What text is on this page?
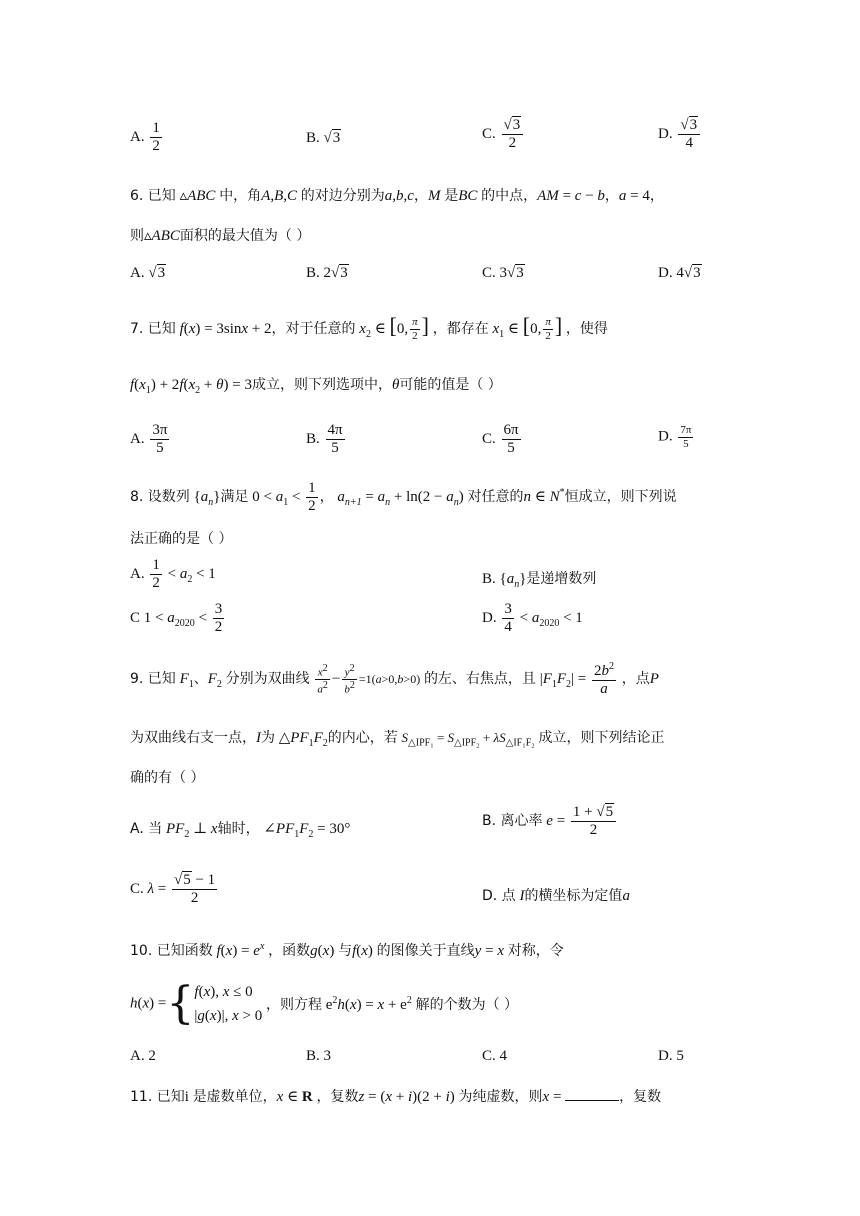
A. $\frac{1}{2}$	B. √3	C. $\frac{√3}{2}$	D. $\frac{√3}{4}$
6. 已知 ▵ABC 中，角A,B,C 的对边分别为a,b,c，M 是BC 的中点，AM = c − b，a = 4，
则▵ABC面积的最大值为（ ）
A. √3	B. 2√3	C. 3√3	D. 4√3
7. 已知 f(x) = 3sinx + 2，对于任意的 $x_2$ ∈ [0, $\frac{\pi}{2}$ ] ，都存在 $x_1$ ∈ [0, $\frac{\pi}{2}$ ] ，使得
$f(x_1) + 2f(x_2 + \theta) = 3$成立，则下列选项中，θ可能的值是（ ）
A. $\frac{3\pi}{5}$	B. $\frac{4\pi}{5}$	C. $\frac{6\pi}{5}$	D. $\frac{7\pi}{5}$
8. 设数列 $\{a_n\}$满足 $0 < a_1 < \frac{1}{2}$ ， $a_{n+1} = a_n + \ln(2 - a_n)$ 对任意的n ∈ N*恒成立，则下列说
法正确的是（ ）
A. $\frac{1}{2} < a_2 < 1$	B. $\{a_n\}$是递增数列
C $1 < a_{2020} < \frac{3}{2}$	D. $\frac{3}{4} < a_{2020} < 1$
9. 已知 $F_1$、$F_2$ 分别为双曲线 $\frac{x^2}{a^2} - \frac{y^2}{b^2} =1(a>0,b>0)$ 的左、右焦点，且 $|F_1F_2| = \frac{2b^2}{a}$ ，点P
为双曲线右支一点，I为 $\triangle PF_1F_2$的内心，若 $S_{\triangle IPF_1} = S_{\triangle IPF_2} + \lambda S_{\triangle IF_1F_2}$ 成立，则下列结论正
确的有（ ）
A. 当 $PF_2$ ⊥ x轴时， $\angle PF_1F_2 = 30^\circ$	B. 离心率 $e = \frac{1 + √5}{2}$
C. $\lambda = \frac{√5 - 1}{2}$	D. 点 I的横坐标为定值a
10. 已知函数 $f(x) = e^x$ ，函数g(x) 与f(x) 的图像关于直线y = x 对称，令
h(x) ={f(x), x ≤ 0
|g(x)|, x > 0 ，则方程 $e^2h(x) = x + e^2$ 解的个数为（ ）
A. 2	B. 3	C. 4	D. 5
11. 已知i 是虚数单位，x ∈ R ，复数z = (x + i)(2 + i) 为纯虚数，则x =	，复数
